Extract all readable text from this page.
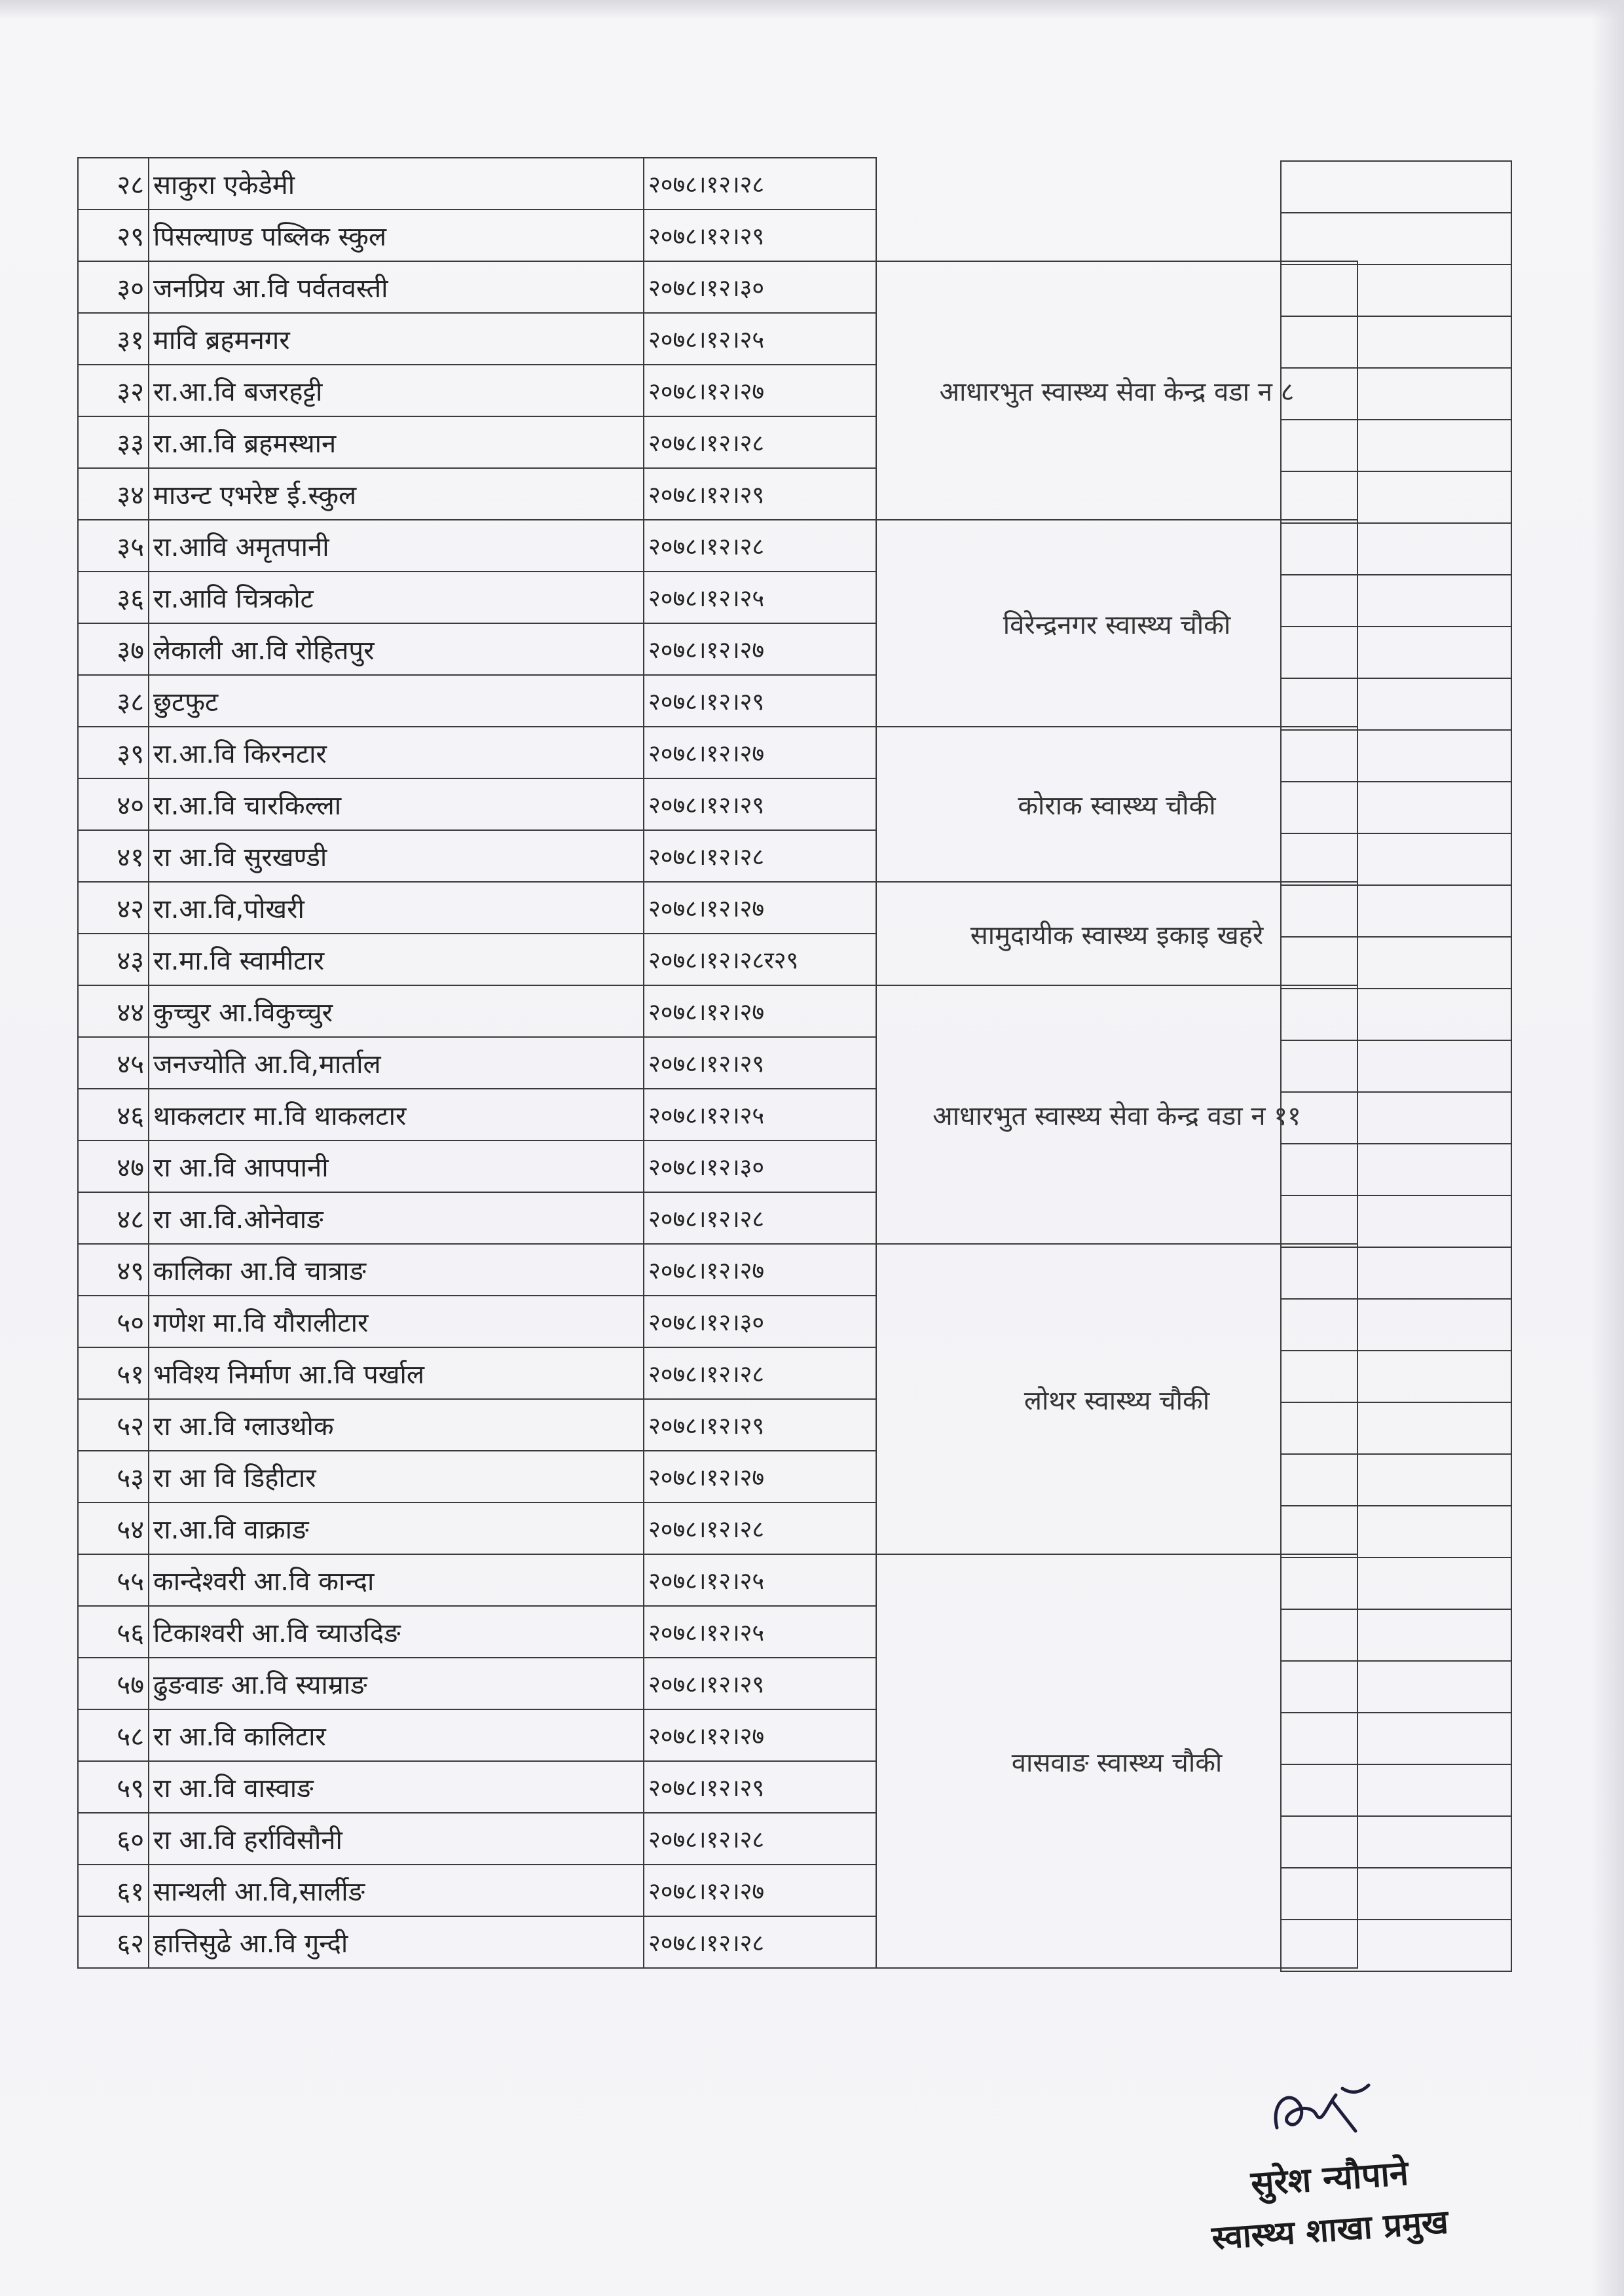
२८	साकुरा एकेडेमी	२०७८।१२।२८	
२९	पिसल्याण्ड पब्लिक स्कुल	२०७८।१२।२९	
३०	जनप्रिय आ.वि पर्वतवस्ती	२०७८।१२।३०	आधारभुत स्वास्थ्य सेवा केन्द्र वडा न ८
३१	मावि ब्रहमनगर	२०७८।१२।२५	
३२	रा.आ.वि बजरहट्टी	२०७८।१२।२७	
३३	रा.आ.वि ब्रहमस्थान	२०७८।१२।२८	
३४	माउन्ट एभरेष्ट ई.स्कुल	२०७८।१२।२९	
३५	रा.आवि अमृतपानी	२०७८।१२।२८	विरेन्द्रनगर स्वास्थ्य चौकी
३६	रा.आवि चित्रकोट	२०७८।१२।२५	
३७	लेकाली आ.वि रोहितपुर	२०७८।१२।२७	
३८	छुटफुट	२०७८।१२।२९	
३९	रा.आ.वि किरनटार	२०७८।१२।२७	कोराक स्वास्थ्य चौकी
४०	रा.आ.वि चारकिल्ला	२०७८।१२।२९	
४१	रा आ.वि सुरखण्डी	२०७८।१२।२८	
४२	रा.आ.वि,पोखरी	२०७८।१२।२७	सामुदायीक स्वास्थ्य इकाइ खहरे
४३	रा.मा.वि स्वामीटार	२०७८।१२।२८र२९	
४४	कुच्चुर आ.विकुच्चुर	२०७८।१२।२७	आधारभुत स्वास्थ्य सेवा केन्द्र वडा न ११
४५	जनज्योति आ.वि,मार्ताल	२०७८।१२।२९	
४६	थाकलटार मा.वि थाकलटार	२०७८।१२।२५	
४७	रा आ.वि आपपानी	२०७८।१२।३०	
४८	रा आ.वि.ओनेवाङ	२०७८।१२।२८	
४९	कालिका आ.वि चात्राङ	२०७८।१२।२७	लोथर स्वास्थ्य चौकी
५०	गणेश मा.वि यौरालीटार	२०७८।१२।३०	
५१	भविश्य निर्माण आ.वि पर्खाल	२०७८।१२।२८	
५२	रा आ.वि ग्लाउथोक	२०७८।१२।२९	
५३	रा आ वि डिहीटार	२०७८।१२।२७	
५४	रा.आ.वि वाक्राङ	२०७८।१२।२८	
५५	कान्देश्वरी आ.वि कान्दा	२०७८।१२।२५	वासवाङ स्वास्थ्य चौकी
५६	टिकाश्वरी आ.वि च्याउदिङ	२०७८।१२।२५	
५७	ढुङवाङ आ.वि स्याम्राङ	२०७८।१२।२९	
५८	रा आ.वि कालिटार	२०७८।१२।२७	
५९	रा आ.वि वास्वाङ	२०७८।१२।२९	
६०	रा आ.वि हर्राविसौनी	२०७८।१२।२८	
६१	सान्थली आ.वि,सार्लीङ	२०७८।१२।२७	
६२	हात्तिसुढे आ.वि गुन्दी	२०७८।१२।२८	

सुरेश न्यौपाने
स्वास्थ्य शाखा प्रमुख
